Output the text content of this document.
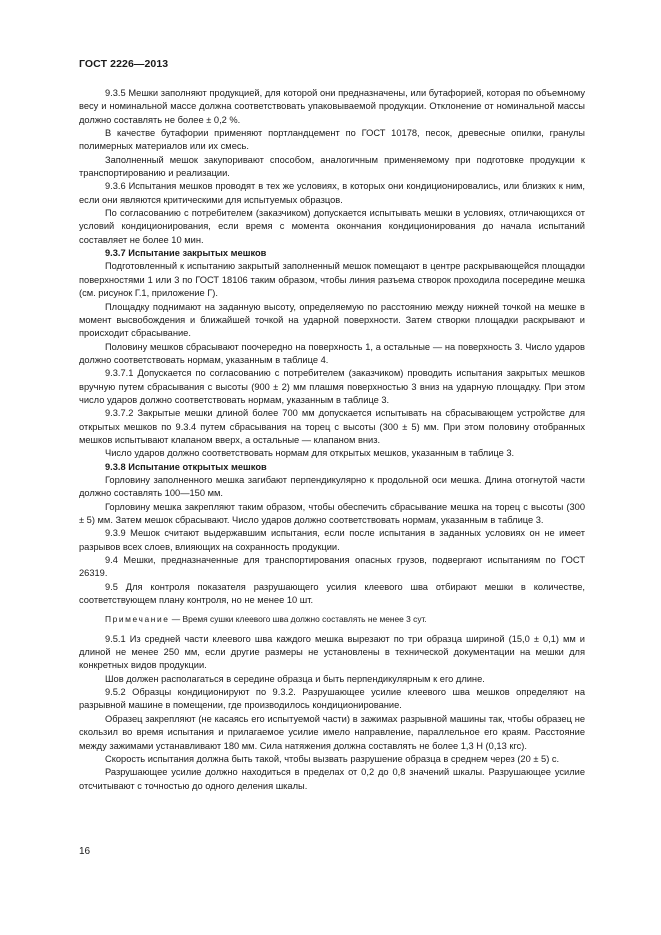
ГОСТ 2226—2013

9.3.5 Мешки заполняют продукцией, для которой они предназначены, или бутафорией, которая по объемному весу и номинальной массе должна соответствовать упаковываемой продукции. Отклонение от номинальной массы должно составлять не более ± 0,2 %.

В качестве бутафории применяют портландцемент по ГОСТ 10178, песок, древесные опилки, гранулы полимерных материалов или их смесь.

Заполненный мешок закупоривают способом, аналогичным применяемому при подготовке продукции к транспортированию и реализации.

9.3.6 Испытания мешков проводят в тех же условиях, в которых они кондиционировались, или близких к ним, если они являются критическими для испытуемых образцов.

По согласованию с потребителем (заказчиком) допускается испытывать мешки в условиях, отличающихся от условий кондиционирования, если время с момента окончания кондиционирования до начала испытаний составляет не более 10 мин.

9.3.7 Испытание закрытых мешков

Подготовленный к испытанию закрытый заполненный мешок помещают в центре раскрывающейся площадки поверхностями 1 или 3 по ГОСТ 18106 таким образом, чтобы линия разъема створок проходила посередине мешка (см. рисунок Г.1, приложение Г).

Площадку поднимают на заданную высоту, определяемую по расстоянию между нижней точкой на мешке в момент высвобождения и ближайшей точкой на ударной поверхности. Затем створки площадки раскрывают и происходит сбрасывание.

Половину мешков сбрасывают поочередно на поверхность 1, а остальные — на поверхность 3. Число ударов должно соответствовать нормам, указанным в таблице 4.

9.3.7.1 Допускается по согласованию с потребителем (заказчиком) проводить испытания закрытых мешков вручную путем сбрасывания с высоты (900 ± 2) мм плашмя поверхностью 3 вниз на ударную площадку. При этом число ударов должно соответствовать нормам, указанным в таблице 3.

9.3.7.2 Закрытые мешки длиной более 700 мм допускается испытывать на сбрасывающем устройстве для открытых мешков по 9.3.4 путем сбрасывания на торец с высоты (300 ± 5) мм. При этом половину отобранных мешков испытывают клапаном вверх, а остальные — клапаном вниз.

Число ударов должно соответствовать нормам для открытых мешков, указанным в таблице 3.

9.3.8 Испытание открытых мешков

Горловину заполненного мешка загибают перпендикулярно к продольной оси мешка. Длина отогнутой части должно составлять 100—150 мм.

Горловину мешка закрепляют таким образом, чтобы обеспечить сбрасывание мешка на торец с высоты (300 ± 5) мм. Затем мешок сбрасывают. Число ударов должно соответствовать нормам, указанным в таблице 3.

9.3.9 Мешок считают выдержавшим испытания, если после испытания в заданных условиях он не имеет разрывов всех слоев, влияющих на сохранность продукции.

9.4 Мешки, предназначенные для транспортирования опасных грузов, подвергают испытаниям по ГОСТ 26319.

9.5 Для контроля показателя разрушающего усилия клеевого шва отбирают мешки в количестве, соответствующем плану контроля, но не менее 10 шт.

Примечание — Время сушки клеевого шва должно составлять не менее 3 сут.

9.5.1 Из средней части клеевого шва каждого мешка вырезают по три образца шириной (15,0 ± 0,1) мм и длиной не менее 250 мм, если другие размеры не установлены в технической документации на мешки для конкретных видов продукции.

Шов должен располагаться в середине образца и быть перпендикулярным к его длине.

9.5.2 Образцы кондиционируют по 9.3.2. Разрушающее усилие клеевого шва мешков определяют на разрывной машине в помещении, где производилось кондиционирование.

Образец закрепляют (не касаясь его испытуемой части) в зажимах разрывной машины так, чтобы образец не скользил во время испытания и прилагаемое усилие имело направление, параллельное его краям. Расстояние между зажимами устанавливают 180 мм. Сила натяжения должна составлять не более 1,3 Н (0,13 кгс).

Скорость испытания должна быть такой, чтобы вызвать разрушение образца в среднем через (20 ± 5) с.

Разрушающее усилие должно находиться в пределах от 0,2 до 0,8 значений шкалы. Разрушающее усилие отсчитывают с точностью до одного деления шкалы.

16
